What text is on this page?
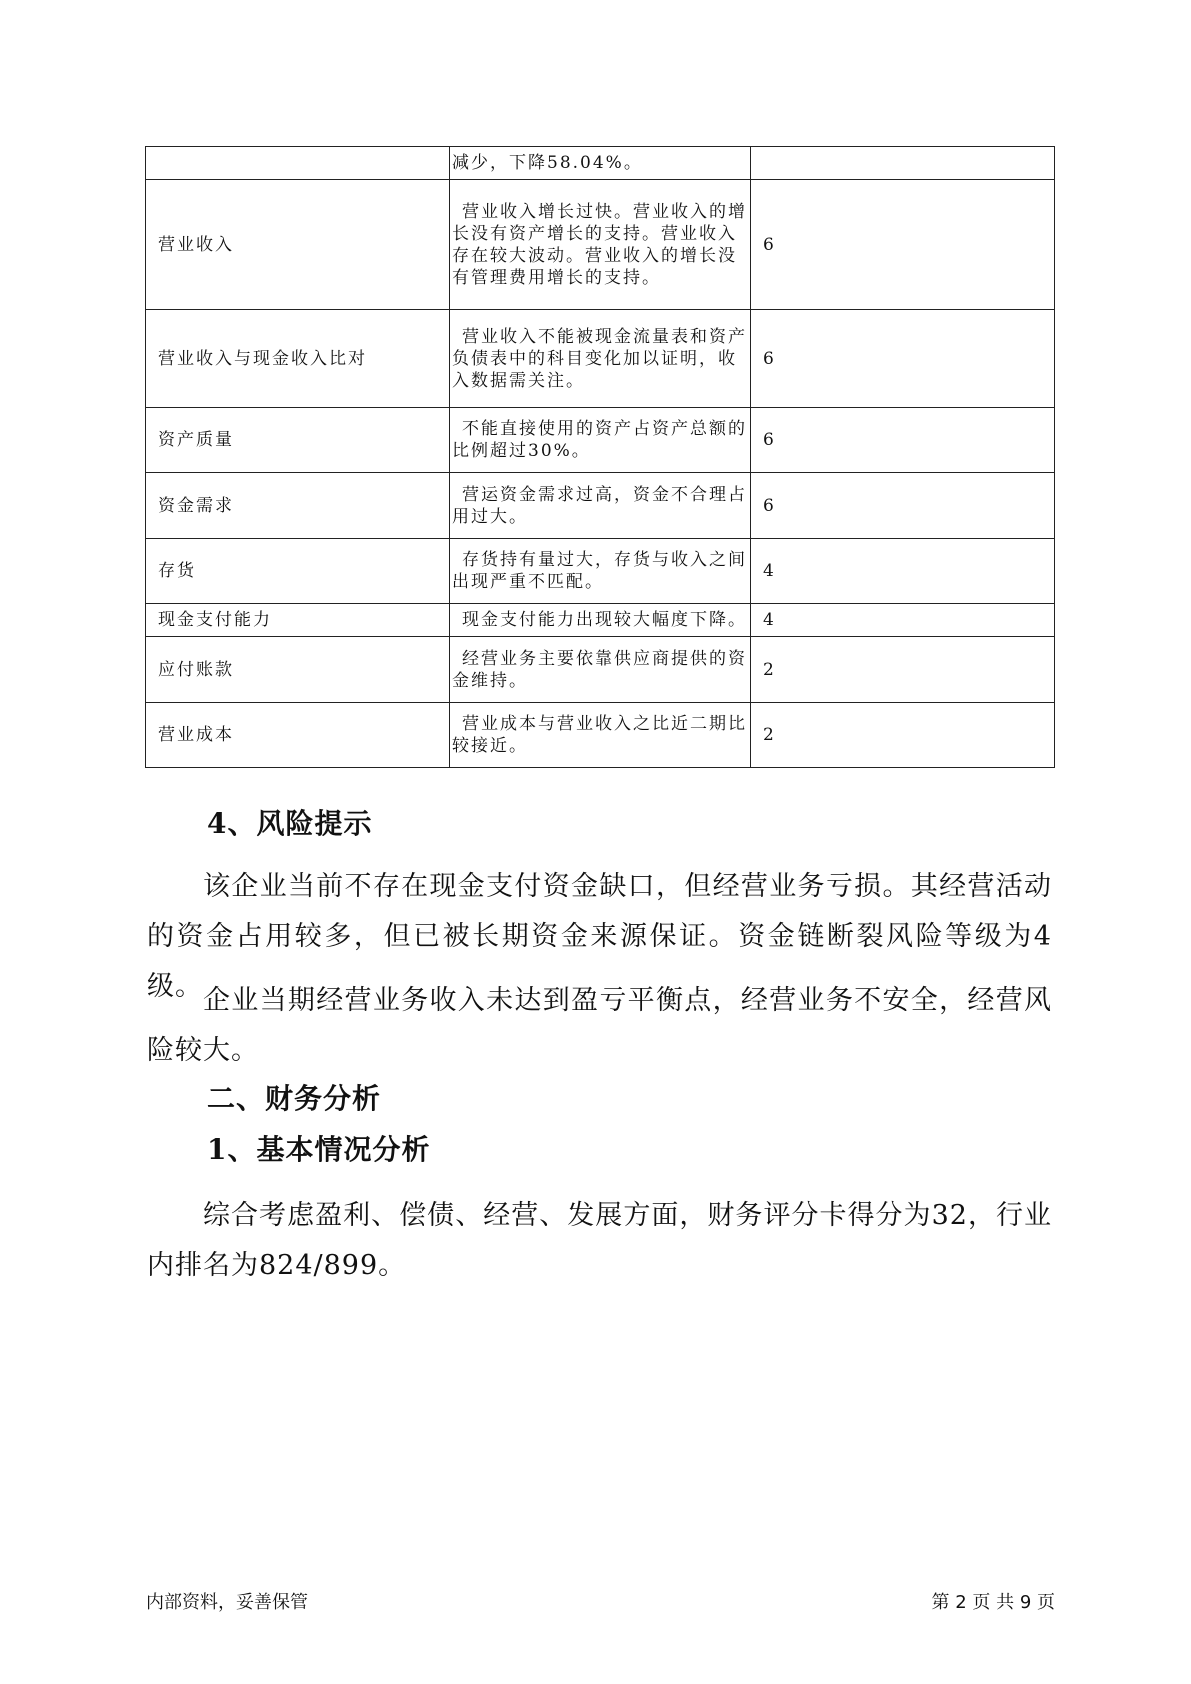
	减少，下降58.04%。	
营业收入	营业收入增长过快。营业收入的增长没有资产增长的支持。营业收入存在较大波动。营业收入的增长没有管理费用增长的支持。	6
营业收入与现金收入比对	营业收入不能被现金流量表和资产负债表中的科目变化加以证明，收入数据需关注。	6
资产质量	不能直接使用的资产占资产总额的比例超过30%。	6
资金需求	营运资金需求过高，资金不合理占用过大。	6
存货	存货持有量过大，存货与收入之间出现严重不匹配。	4
现金支付能力	现金支付能力出现较大幅度下降。	4
应付账款	经营业务主要依靠供应商提供的资金维持。	2
营业成本	营业成本与营业收入之比近二期比较接近。	2
4、风险提示
该企业当前不存在现金支付资金缺口，但经营业务亏损。其经营活动的资金占用较多，但已被长期资金来源保证。资金链断裂风险等级为4级。 企业当期经营业务收入未达到盈亏平衡点，经营业务不安全，经营风险较大。
二、财务分析
1、基本情况分析
综合考虑盈利、偿债、经营、发展方面，财务评分卡得分为32，行业内排名为824/899。
内部资料，妥善保管	第 2 页 共 9 页
